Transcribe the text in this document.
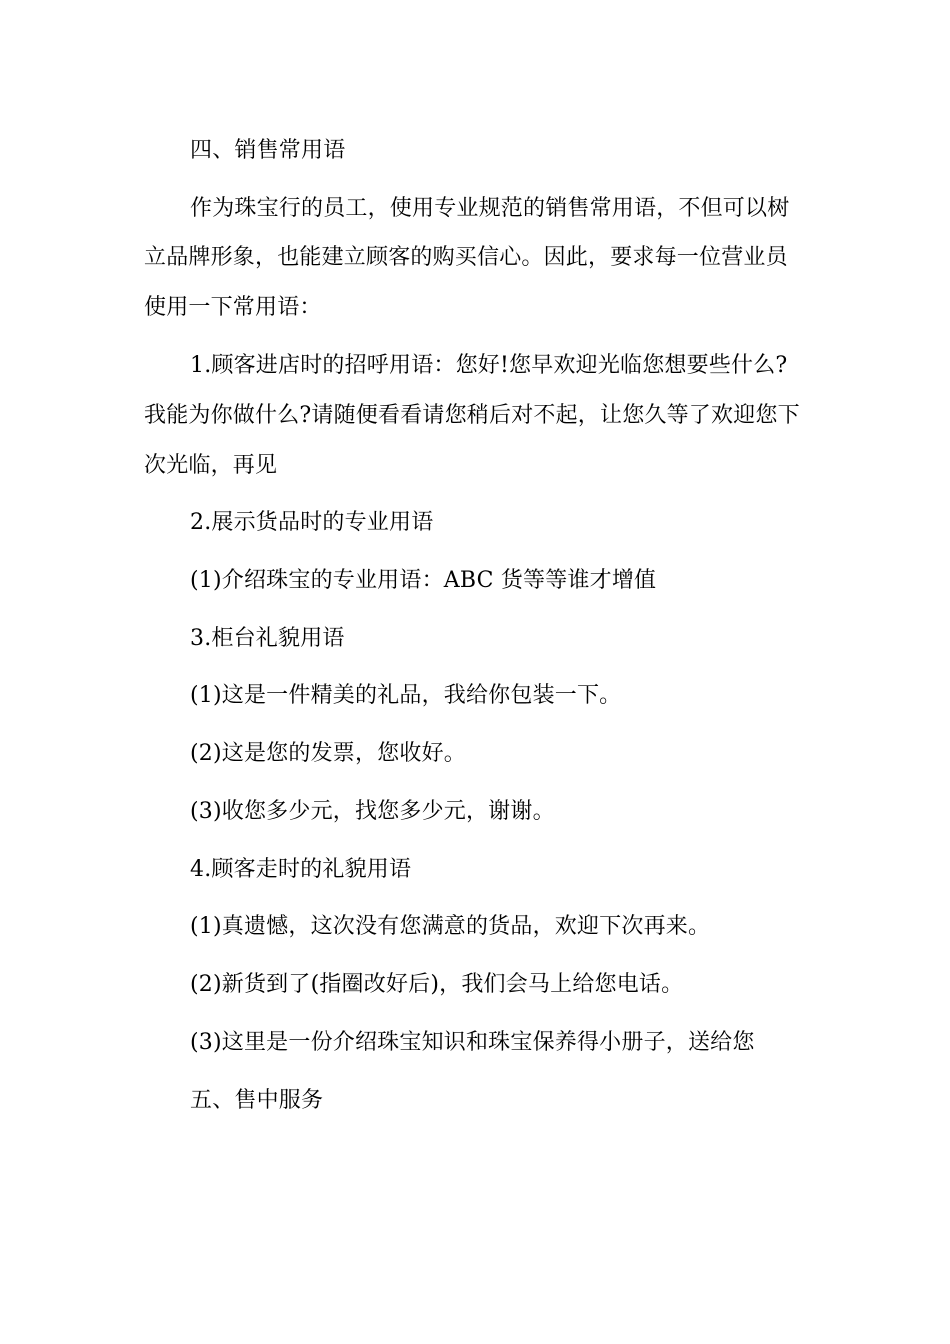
四、销售常用语
作为珠宝行的员工，使用专业规范的销售常用语，不但可以树
立品牌形象，也能建立顾客的购买信心。因此，要求每一位营业员
使用一下常用语：
1.顾客进店时的招呼用语：您好!您早欢迎光临您想要些什么?
我能为你做什么?请随便看看请您稍后对不起，让您久等了欢迎您下
次光临，再见
2.展示货品时的专业用语
(1)介绍珠宝的专业用语：ABC 货等等谁才增值
3.柜台礼貌用语
(1)这是一件精美的礼品，我给你包装一下。
(2)这是您的发票，您收好。
(3)收您多少元，找您多少元，谢谢。
4.顾客走时的礼貌用语
(1)真遗憾，这次没有您满意的货品，欢迎下次再来。
(2)新货到了(指圈改好后)，我们会马上给您电话。
(3)这里是一份介绍珠宝知识和珠宝保养得小册子，送给您
五、售中服务
